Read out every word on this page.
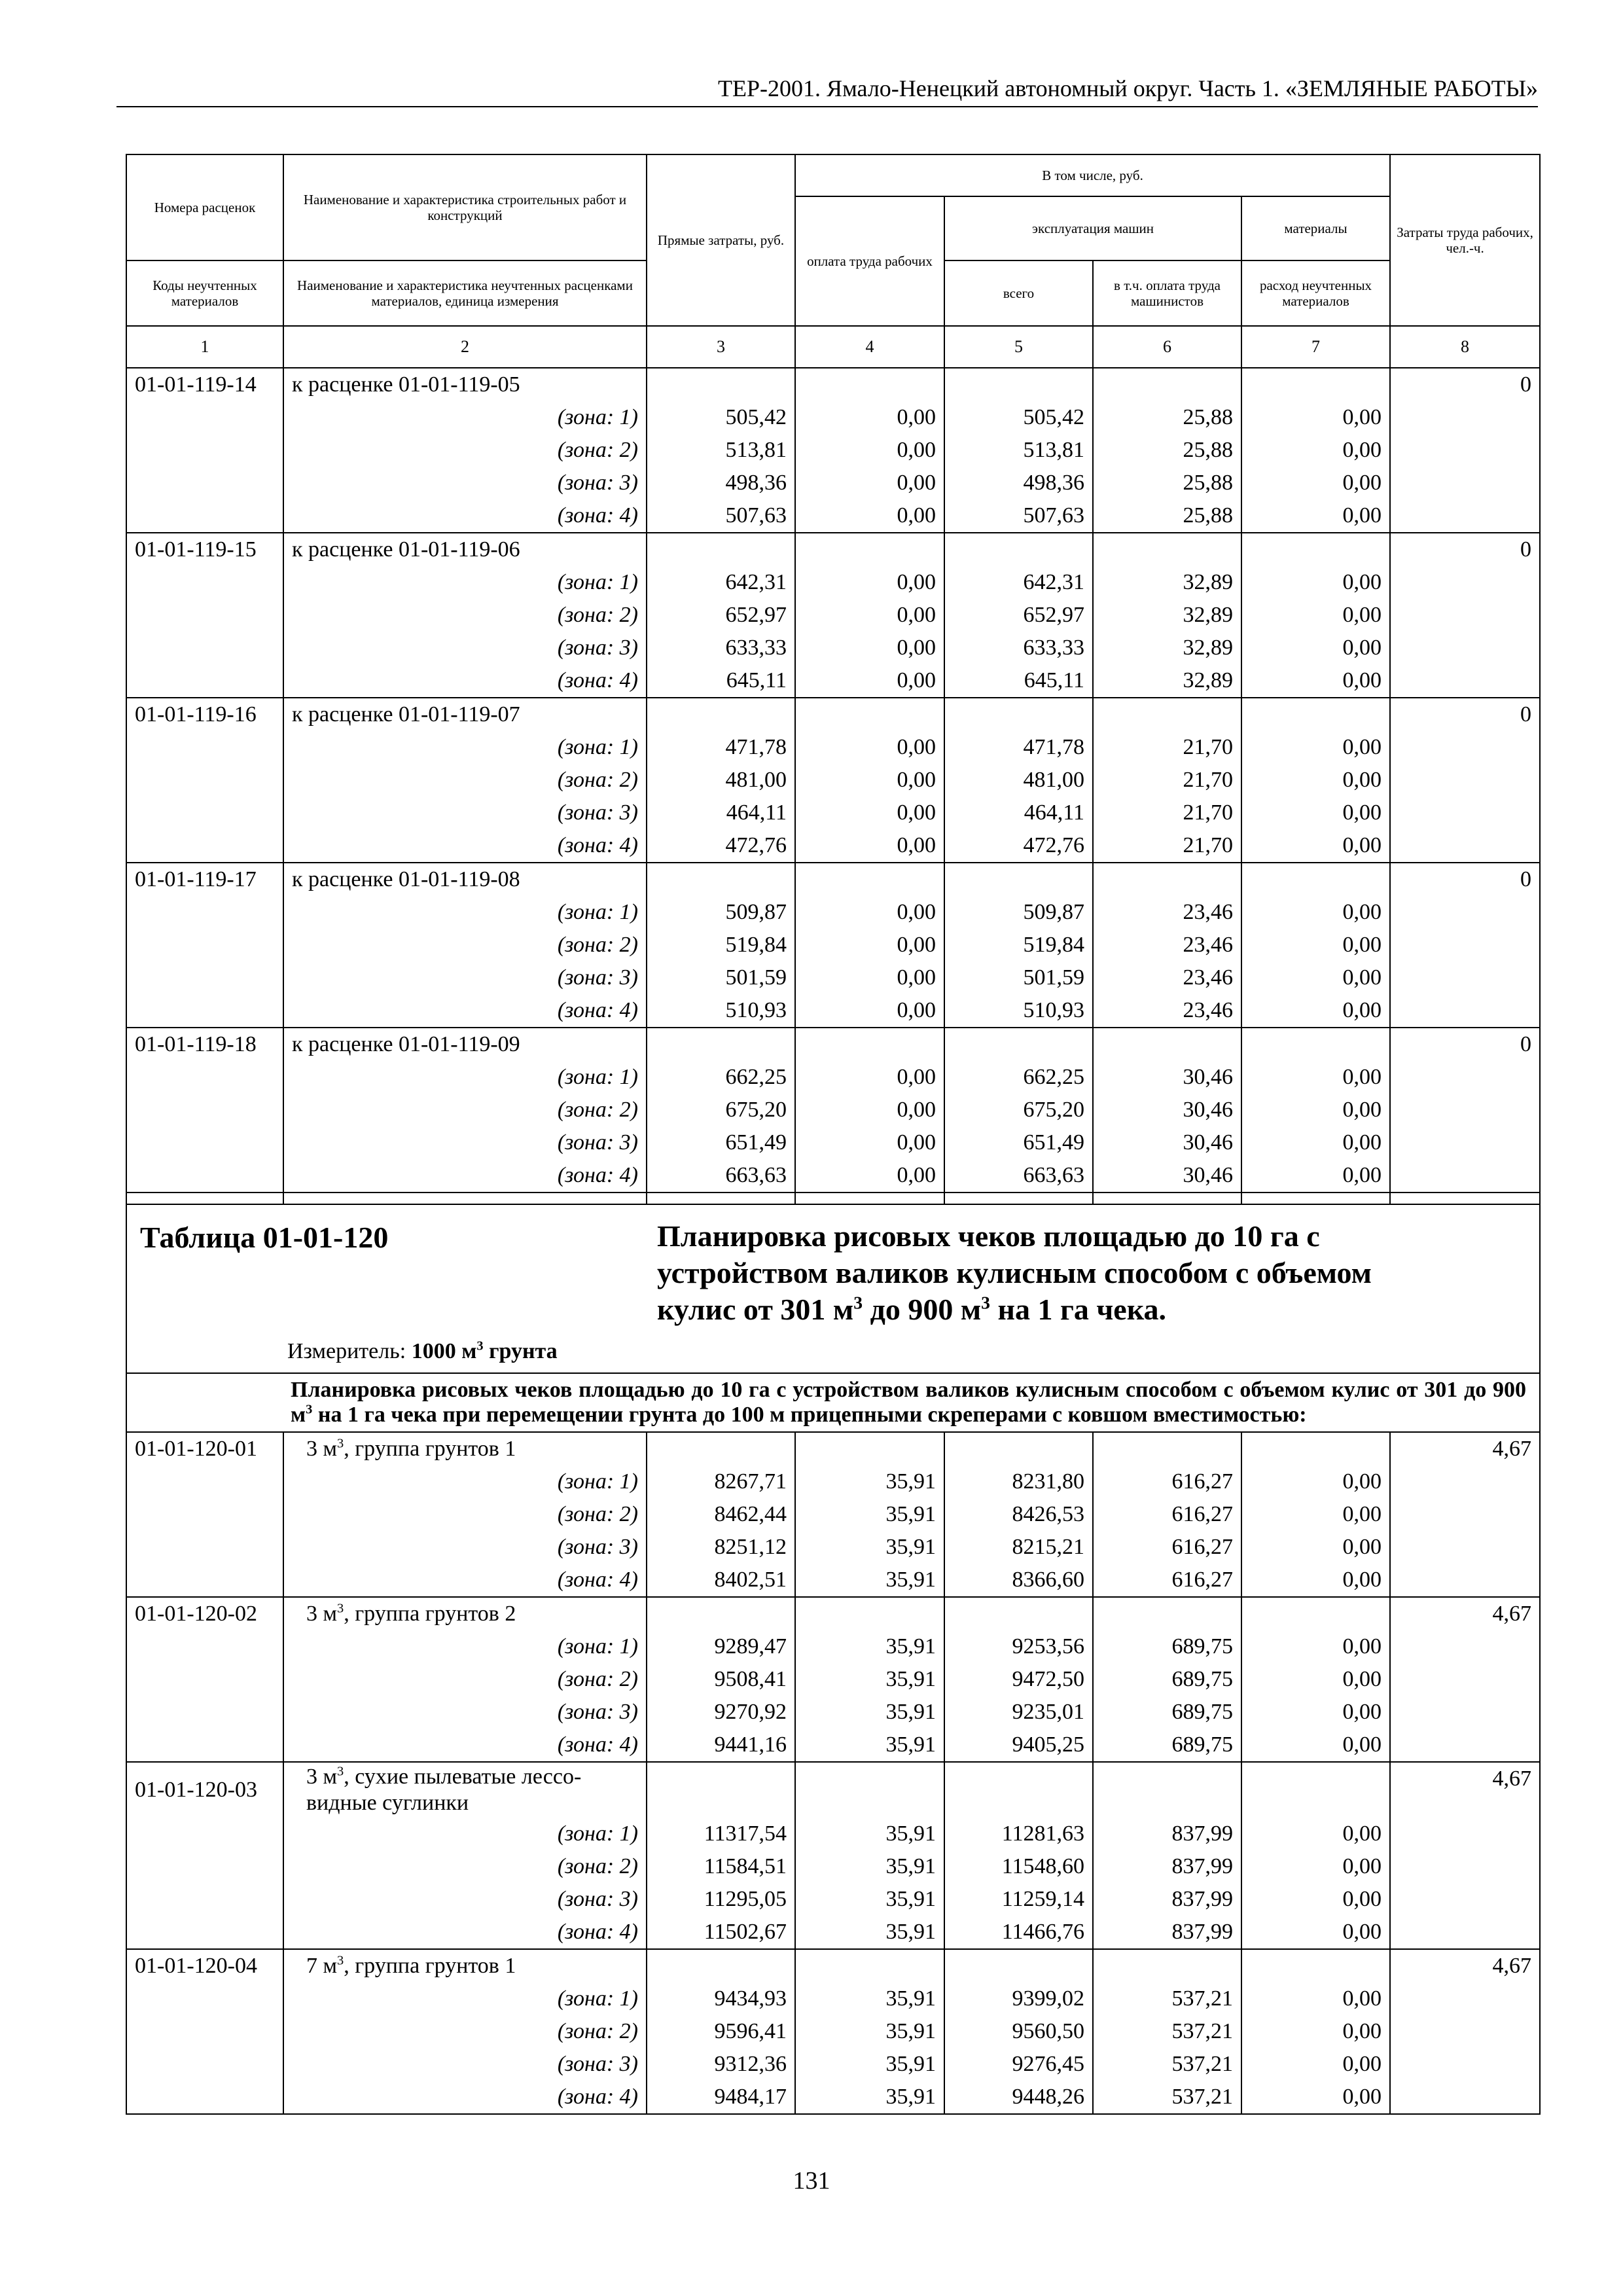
ТЕР-2001. Ямало-Ненецкий автономный округ. Часть 1. «ЗЕМЛЯНЫЕ РАБОТЫ»
Номера расценок	Наименование и характеристика строительных работ и конструкций	Прямые затраты, руб.	В том числе, руб.				Затраты труда рабочих, чел.-ч.
			оплата труда рабочих	эксплуатация машин		материалы	
Коды неучтенных материалов	Наименование и характеристика неучтенных расценками материалов, единица измерения			всего	в т.ч. оплата труда машинистов	расход неучтенных материалов	
1	2	3	4	5	6	7	8
01-01-119-14	к расценке 01-01-119-05						0
	(зона: 1)	505,42	0,00	505,42	25,88	0,00	
	(зона: 2)	513,81	0,00	513,81	25,88	0,00	
	(зона: 3)	498,36	0,00	498,36	25,88	0,00	
	(зона: 4)	507,63	0,00	507,63	25,88	0,00	
01-01-119-15	к расценке 01-01-119-06						0
	(зона: 1)	642,31	0,00	642,31	32,89	0,00	
	(зона: 2)	652,97	0,00	652,97	32,89	0,00	
	(зона: 3)	633,33	0,00	633,33	32,89	0,00	
	(зона: 4)	645,11	0,00	645,11	32,89	0,00	
01-01-119-16	к расценке 01-01-119-07						0
	(зона: 1)	471,78	0,00	471,78	21,70	0,00	
	(зона: 2)	481,00	0,00	481,00	21,70	0,00	
	(зона: 3)	464,11	0,00	464,11	21,70	0,00	
	(зона: 4)	472,76	0,00	472,76	21,70	0,00	
01-01-119-17	к расценке 01-01-119-08						0
	(зона: 1)	509,87	0,00	509,87	23,46	0,00	
	(зона: 2)	519,84	0,00	519,84	23,46	0,00	
	(зона: 3)	501,59	0,00	501,59	23,46	0,00	
	(зона: 4)	510,93	0,00	510,93	23,46	0,00	
01-01-119-18	к расценке 01-01-119-09						0
	(зона: 1)	662,25	0,00	662,25	30,46	0,00	
	(зона: 2)	675,20	0,00	675,20	30,46	0,00	
	(зона: 3)	651,49	0,00	651,49	30,46	0,00	
	(зона: 4)	663,63	0,00	663,63	30,46	0,00	

Таблица 01-01-120 Планировка рисовых чеков площадью до 10 га с
устройством валиков кулисным способом с объемом
кулис от 301 $м^3$ до 900 $м^3$ на 1 га чека.
Измеритель: 1000 $м^3$ грунта							

Планировка рисовых чеков площадью до 10 га с устройством валиков кулисным способом с объемом кулис от 301 до 900 $м^3$ на 1 га чека при перемещении грунта до 100 м прицепными скреперами с ковшом вместимостью:							
01-01-120-01	3 $м^3$, группа грунтов 1						4,67
	(зона: 1)	8267,71	35,91	8231,80	616,27	0,00	
	(зона: 2)	8462,44	35,91	8426,53	616,27	0,00	
	(зона: 3)	8251,12	35,91	8215,21	616,27	0,00	
	(зона: 4)	8402,51	35,91	8366,60	616,27	0,00	
01-01-120-02	3 $м^3$, группа грунтов 2						4,67
	(зона: 1)	9289,47	35,91	9253,56	689,75	0,00	
	(зона: 2)	9508,41	35,91	9472,50	689,75	0,00	
	(зона: 3)	9270,92	35,91	9235,01	689,75	0,00	
	(зона: 4)	9441,16	35,91	9405,25	689,75	0,00	
01-01-120-03	3 $м^3$, сухие пылеватые лессо-
видные суглинки						4,67
	(зона: 1)	11317,54	35,91	11281,63	837,99	0,00	
	(зона: 2)	11584,51	35,91	11548,60	837,99	0,00	
	(зона: 3)	11295,05	35,91	11259,14	837,99	0,00	
	(зона: 4)	11502,67	35,91	11466,76	837,99	0,00	
01-01-120-04	7 $м^3$, группа грунтов 1						4,67
	(зона: 1)	9434,93	35,91	9399,02	537,21	0,00	
	(зона: 2)	9596,41	35,91	9560,50	537,21	0,00	
	(зона: 3)	9312,36	35,91	9276,45	537,21	0,00	
	(зона: 4)	9484,17	35,91	9448,26	537,21	0,00	
131
